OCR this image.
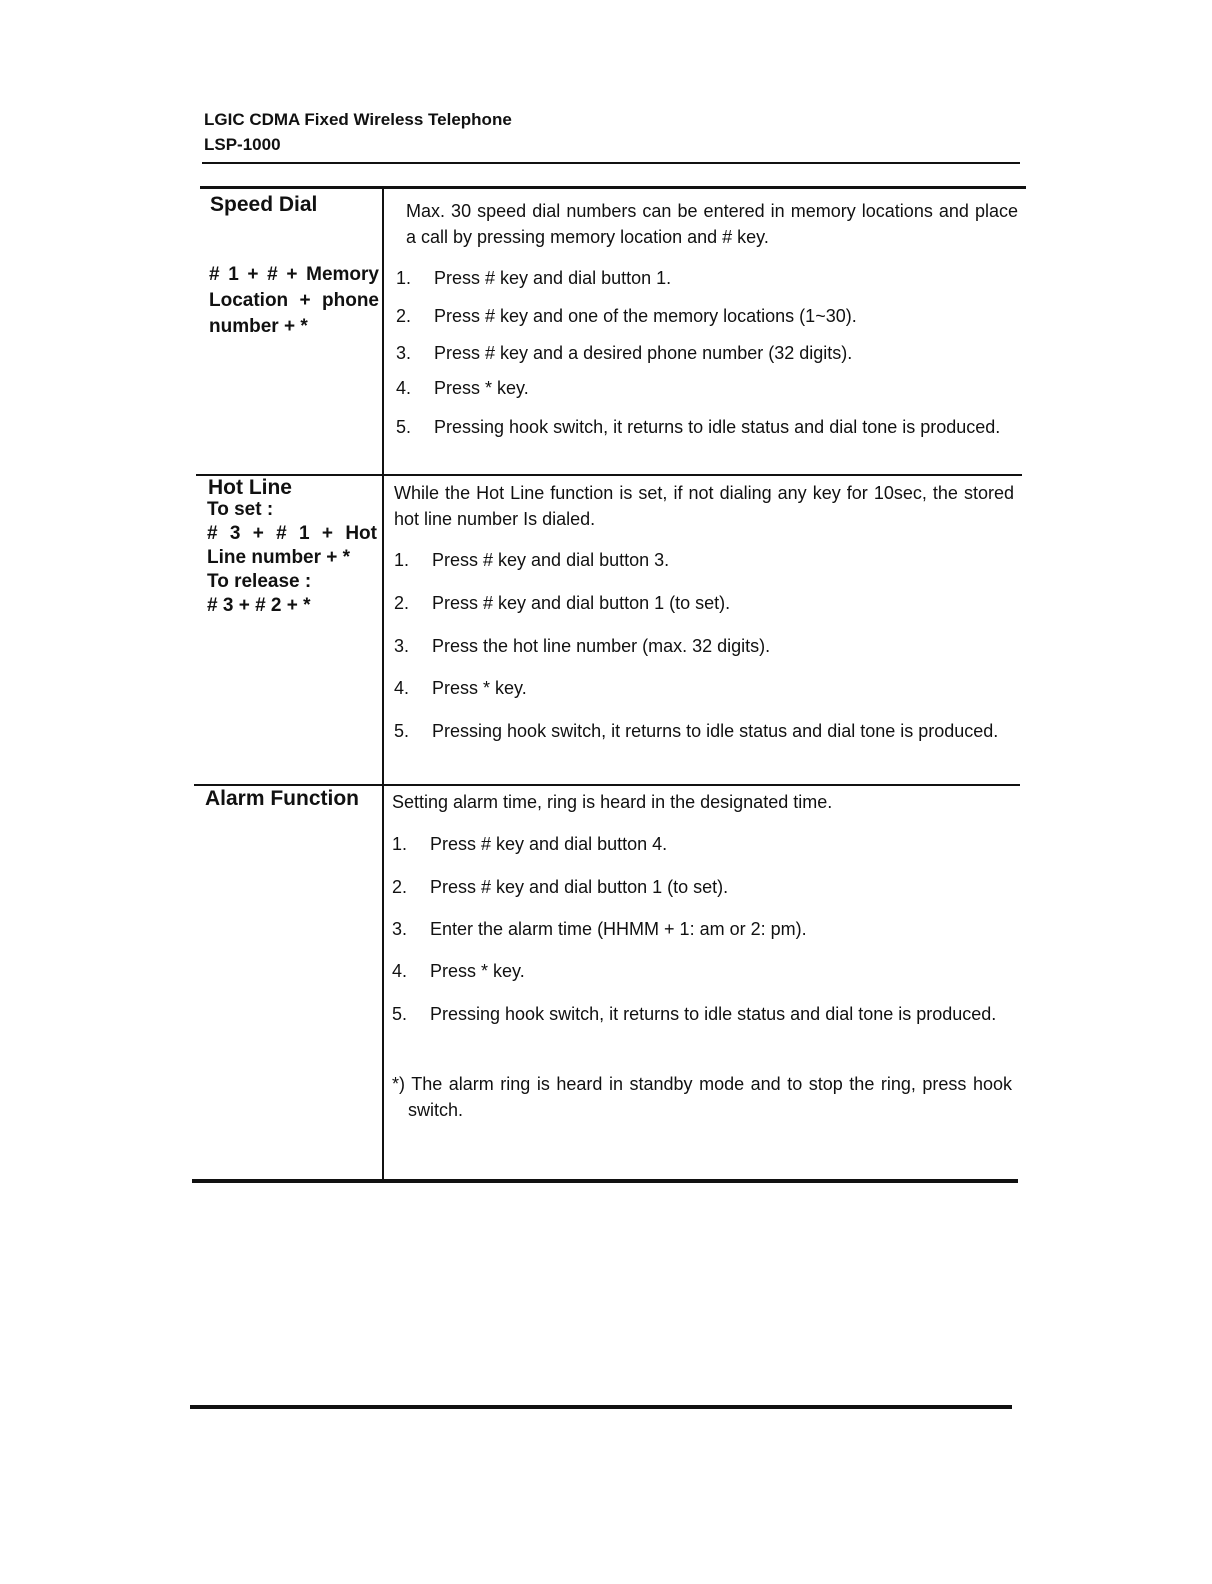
LGIC CDMA Fixed Wireless Telephone
LSP-1000
Speed Dial
# 1 + # + Memory
Location + phone
number + *
Max. 30 speed dial numbers can be entered in memory locations and place a call by pressing memory location and # key.
1. Press # key and dial button 1.
2. Press # key and one of the memory locations (1~30).
3. Press # key and a desired phone number (32 digits).
4. Press * key.
5. Pressing hook switch, it returns to idle status and dial tone is produced.
Hot Line
To set :
# 3 + # 1 + Hot
Line number + *
To release :
# 3 + # 2 + *
While the Hot Line function is set, if not dialing any key for 10sec, the stored hot line number Is dialed.
1. Press # key and dial button 3.
2. Press # key and dial button 1 (to set).
3. Press the hot line number (max. 32 digits).
4. Press * key.
5. Pressing hook switch, it returns to idle status and dial tone is produced.
Alarm Function Setting alarm time, ring is heard in the designated time.
1. Press # key and dial button 4.
2. Press # key and dial button 1 (to set).
3. Enter the alarm time (HHMM + 1: am or 2: pm).
4. Press * key.
5. Pressing hook switch, it returns to idle status and dial tone is produced.
*) The alarm ring is heard in standby mode and to stop the ring, press hook switch.
